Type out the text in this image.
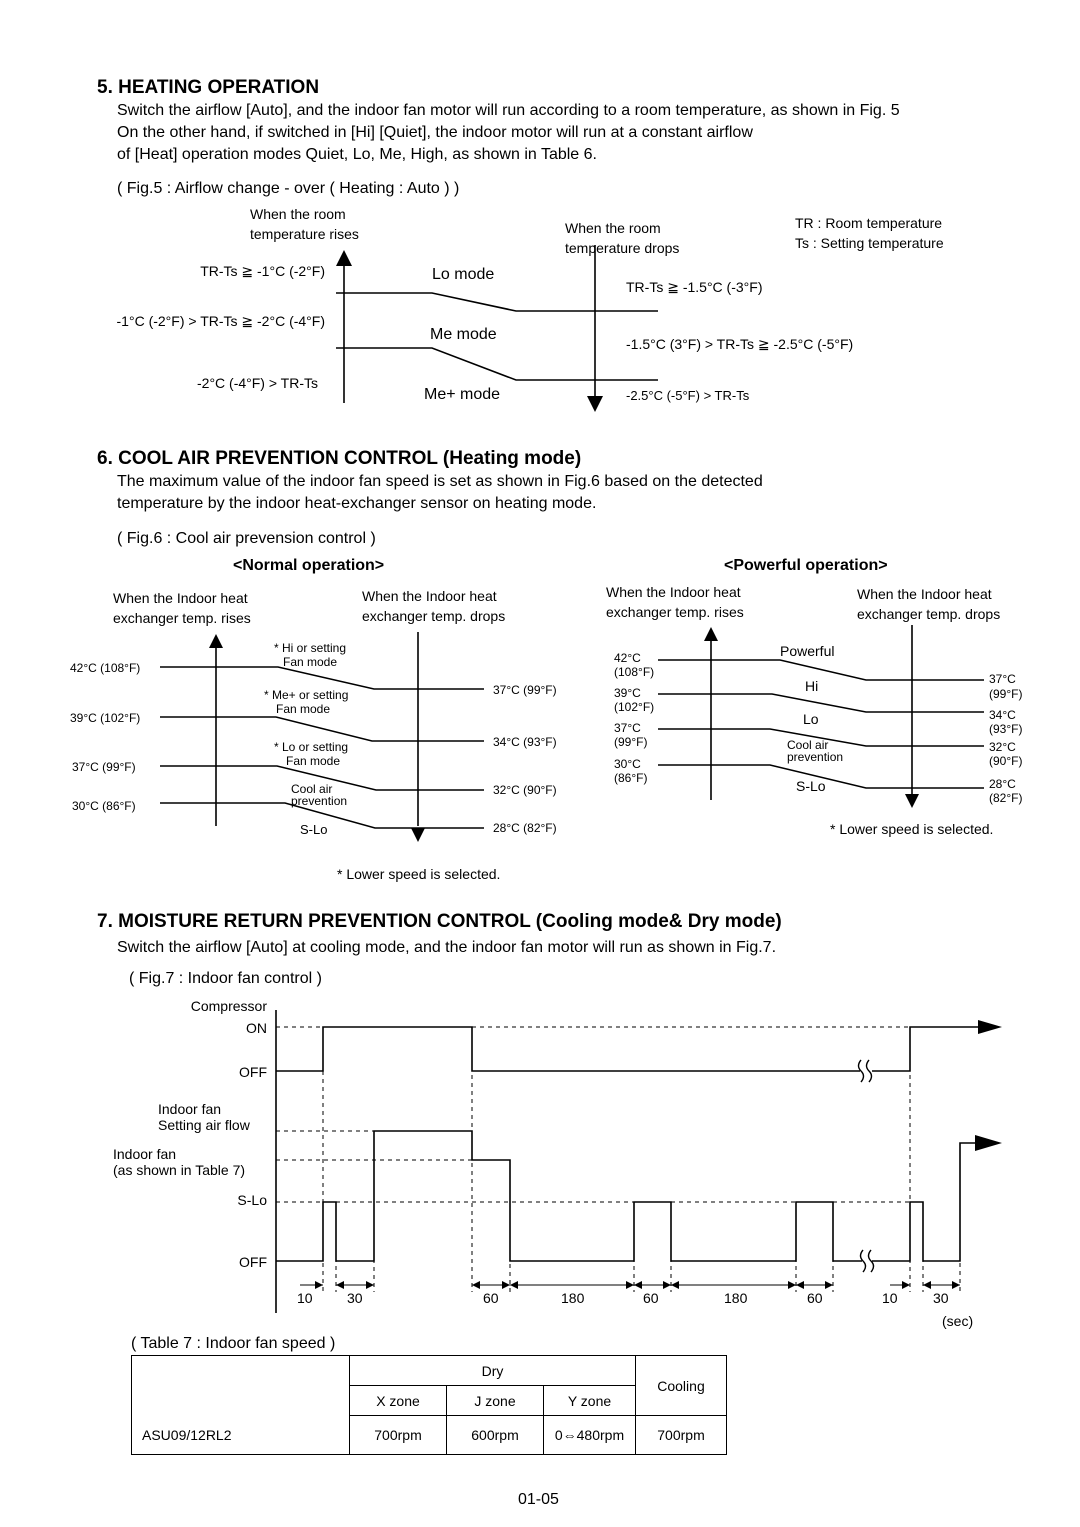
5. HEATING OPERATION
Switch the airflow [Auto], and the indoor fan motor will run according to a room temperature, as shown in Fig. 5
On the other hand, if switched in [Hi] [Quiet], the indoor motor will run at a constant airflow
of [Heat] operation modes Quiet, Lo, Me, High, as shown in Table 6.
( Fig.5 : Airflow change - over ( Heating : Auto ) )
When the room
temperature rises	When the room
temperature drops
TR : Room temperature
Ts : Setting temperature
TR-Ts ≧ -1°C (-2°F)
-1°C (-2°F) > TR-Ts ≧ -2°C (-4°F)
-2°C (-4°F) > TR-Ts
Lo mode
Me mode
Me+ mode
TR-Ts ≧ -1.5°C (-3°F)
-1.5°C (3°F) > TR-Ts ≧ -2.5°C (-5°F)
-2.5°C (-5°F) > TR-Ts
6. COOL AIR PREVENTION CONTROL (Heating mode)
The maximum value of the indoor fan speed is set as shown in Fig.6 based on the detected
temperature by the indoor heat-exchanger sensor on heating mode.
( Fig.6 : Cool air prevension control )
<Normal operation>
When the Indoor heat
exchanger temp. rises
When the Indoor heat
exchanger temp. drops
42°C (108°F)
39°C (102°F)
37°C (99°F)
30°C (86°F)
* Hi or setting
Fan mode
* Me+ or setting
Fan mode
* Lo or setting
Fan mode
Cool air
prevention
S-Lo
37°C (99°F)
34°C (93°F)
32°C (90°F)
28°C (82°F)
* Lower speed is selected.
<Powerful operation>
When the Indoor heat
exchanger temp. rises
When the Indoor heat
exchanger temp. drops
42°C
(108°F)
39°C
(102°F)
37°C
(99°F)
30°C
(86°F)
Powerful
Hi
Lo
Cool air
prevention
S-Lo
37°C
(99°F)
34°C
(93°F)
32°C
(90°F)
28°C
(82°F)
* Lower speed is selected.
7. MOISTURE RETURN PREVENTION CONTROL (Cooling mode& Dry mode)
Switch the airflow [Auto] at cooling mode, and the indoor fan motor will run as shown in Fig.7.
( Fig.7 : Indoor fan control )
Compressor
ON
OFF
Indoor fan
Setting air flow
Indoor fan
(as shown in Table 7)
S-Lo
OFF
10 30	60	180	60	180	60	10	30
(sec)
( Table 7 : Indoor fan speed )
	Dry			Cooling
	X zone	J zone	Y zone	
ASU09/12RL2	700rpm	600rpm	0⇔480rpm	700rpm
01-05
